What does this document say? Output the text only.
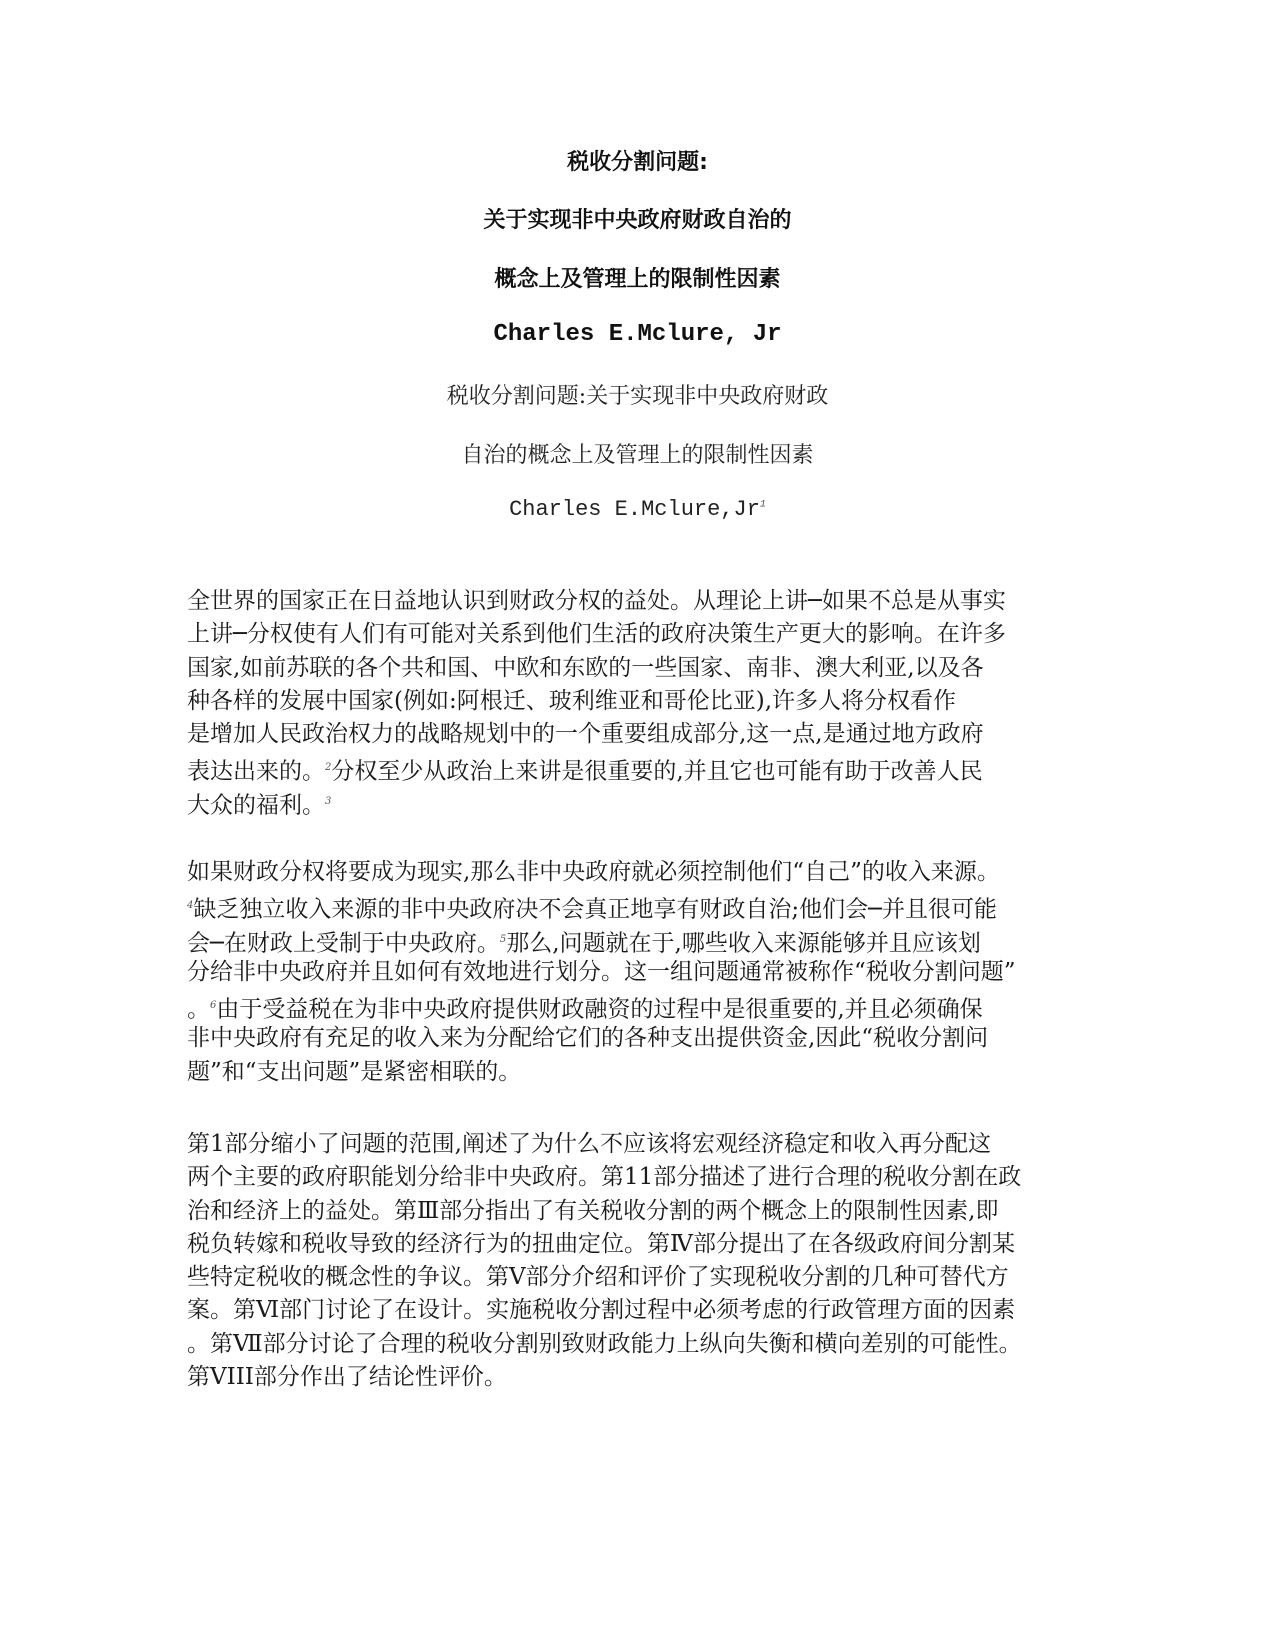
税收分割问题:
关于实现非中央政府财政自治的
概念上及管理上的限制性因素
Charles E.Mclure, Jr
税收分割问题:关于实现非中央政府财政
自治的概念上及管理上的限制性因素
Charles E.Mclure,Jr$^1$
全世界的国家正在日益地认识到财政分权的益处。从理论上讲─如果不总是从事实
上讲─分权使有人们有可能对关系到他们生活的政府决策生产更大的影响。在许多
国家,如前苏联的各个共和国、中欧和东欧的一些国家、南非、澳大利亚,以及各
种各样的发展中国家(例如:阿根迁、玻利维亚和哥伦比亚),许多人将分权看作
是增加人民政治权力的战略规划中的一个重要组成部分,这一点,是通过地方政府
表达出来的。$^2$分权至少从政治上来讲是很重要的,并且它也可能有助于改善人民
大众的福利。$^3$
如果财政分权将要成为现实,那么非中央政府就必须控制他们“自己”的收入来源。
$^4$缺乏独立收入来源的非中央政府决不会真正地享有财政自治;他们会─并且很可能
会─在财政上受制于中央政府。$^5$那么,问题就在于,哪些收入来源能够并且应该划
分给非中央政府并且如何有效地进行划分。这一组问题通常被称作“税收分割问题”
。$^6$由于受益税在为非中央政府提供财政融资的过程中是很重要的,并且必须确保
非中央政府有充足的收入来为分配给它们的各种支出提供资金,因此“税收分割问
题”和“支出问题”是紧密相联的。
第1部分缩小了问题的范围,阐述了为什么不应该将宏观经济稳定和收入再分配这
两个主要的政府职能划分给非中央政府。第11部分描述了进行合理的税收分割在政
治和经济上的益处。第Ⅲ部分指出了有关税收分割的两个概念上的限制性因素,即
税负转嫁和税收导致的经济行为的扭曲定位。第Ⅳ部分提出了在各级政府间分割某
些特定税收的概念性的争议。第Ⅴ部分介绍和评价了实现税收分割的几种可替代方
案。第Ⅵ部门讨论了在设计。实施税收分割过程中必须考虑的行政管理方面的因素
。第Ⅶ部分讨论了合理的税收分割别致财政能力上纵向失衡和横向差别的可能性。
第VIII部分作出了结论性评价。
